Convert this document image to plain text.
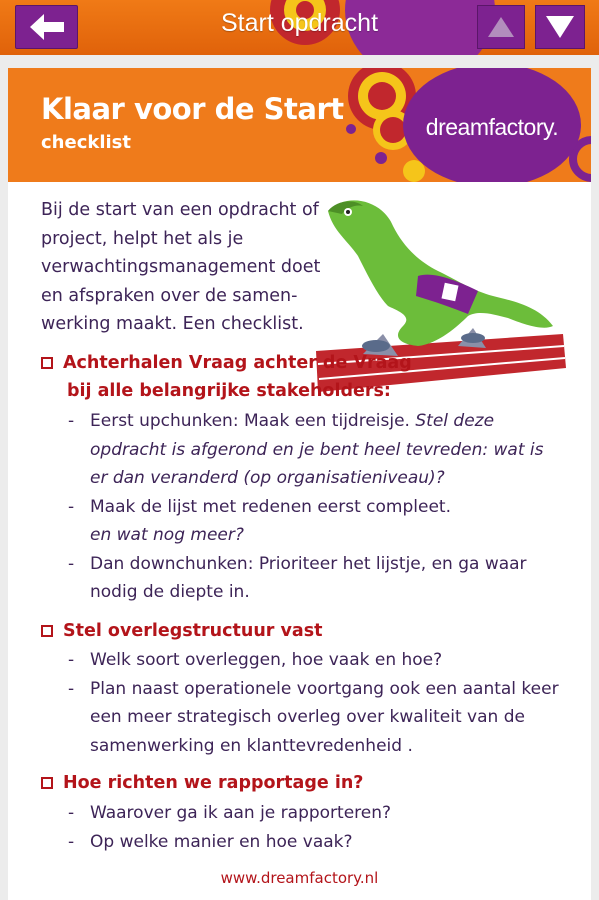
Start opdracht
Klaar voor de Start
checklist
dreamfactory.
Bij de start van een opdracht of project, helpt het als je verwachtingsmanagement doet en afspraken over de samen-werking maakt. Een checklist.
Achterhalen Vraag achter de Vraag
bij alle belangrijke stakeholders:
- Eerst upchunken: Maak een tijdreisje. Stel deze opdracht is afgerond en je bent heel tevreden: wat is er dan veranderd (op organisatieniveau)?
- Maak de lijst met redenen eerst compleet.
en wat nog meer?
- Dan downchunken: Prioriteer het lijstje, en ga waar nodig de diepte in.
Stel overlegstructuur vast
- Welk soort overleggen, hoe vaak en hoe?
- Plan naast operationele voortgang ook een aantal keer een meer strategisch overleg over kwaliteit van de samenwerking en klanttevredenheid .
Hoe richten we rapportage in?
- Waarover ga ik aan je rapporteren?
- Op welke manier en hoe vaak?
www.dreamfactory.nl
